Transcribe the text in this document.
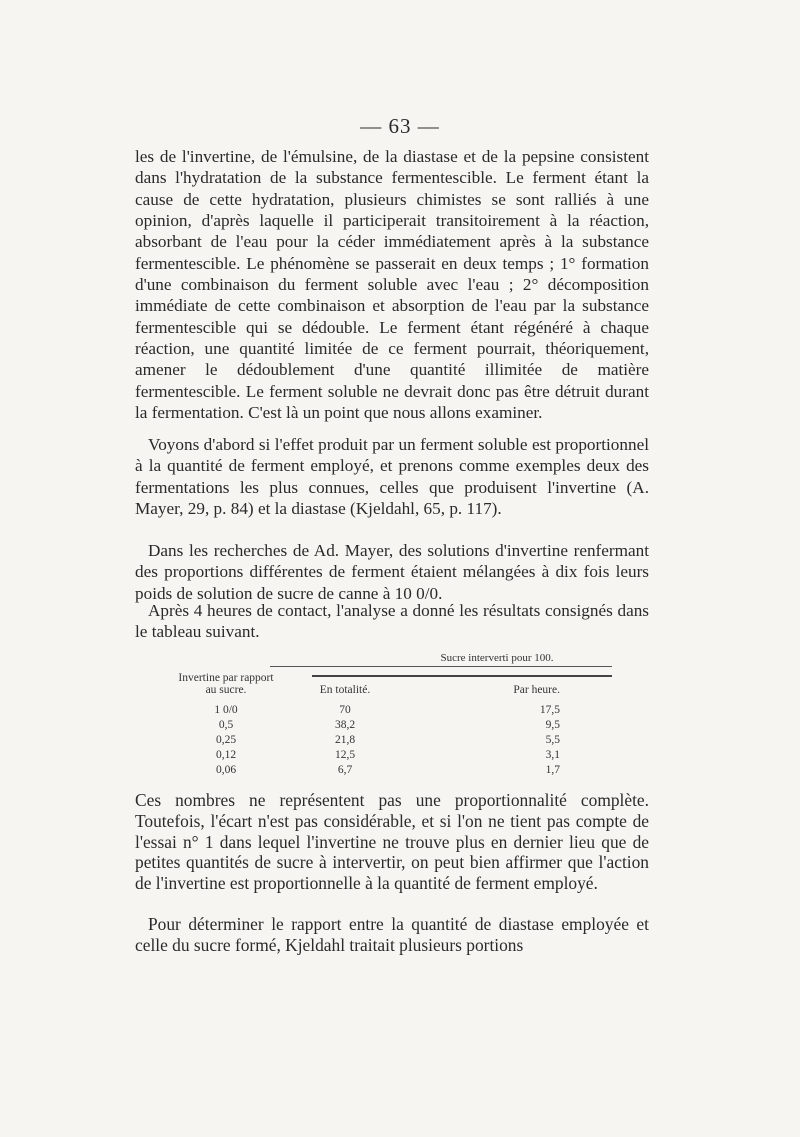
— 63 —

les de l'invertine, de l'émulsine, de la diastase et de la pepsine consistent dans l'hydratation de la substance fermentescible. Le ferment étant la cause de cette hydratation, plusieurs chimistes se sont ralliés à une opinion, d'après laquelle il participerait transitoirement à la réaction, absorbant de l'eau pour la céder immédiatement après à la substance fermentescible. Le phénomène se passerait en deux temps ; 1° formation d'une combinaison du ferment soluble avec l'eau ; 2° décomposition immédiate de cette combinaison et absorption de l'eau par la substance fermentescible qui se dédouble. Le ferment étant régénéré à chaque réaction, une quantité limitée de ce ferment pourrait, théoriquement, amener le dédoublement d'une quantité illimitée de matière fermentescible. Le ferment soluble ne devrait donc pas être détruit durant la fermentation. C'est là un point que nous allons examiner.

Voyons d'abord si l'effet produit par un ferment soluble est proportionnel à la quantité de ferment employé, et prenons comme exemples deux des fermentations les plus connues, celles que produisent l'invertine (A. Mayer, 29, p. 84) et la diastase (Kjeldahl, 65, p. 117).

Dans les recherches de Ad. Mayer, des solutions d'invertine renfermant des proportions différentes de ferment étaient mélangées à dix fois leurs poids de solution de sucre de canne à 10 0/0.

Après 4 heures de contact, l'analyse a donné les résultats consignés dans le tableau suivant.

Sucre interverti pour 100.
Invertine par rapport
au sucre.	En totalité.	Par heure.
1 0/0	70	17,5
0,5	38,2	9,5
0,25	21,8	5,5
0,12	12,5	3,1
0,06	6,7	1,7

Ces nombres ne représentent pas une proportionnalité complète. Toutefois, l'écart n'est pas considérable, et si l'on ne tient pas compte de l'essai n° 1 dans lequel l'invertine ne trouve plus en dernier lieu que de petites quantités de sucre à intervertir, on peut bien affirmer que l'action de l'invertine est proportionnelle à la quantité de ferment employé.

Pour déterminer le rapport entre la quantité de diastase employée et celle du sucre formé, Kjeldahl traitait plusieurs portions
